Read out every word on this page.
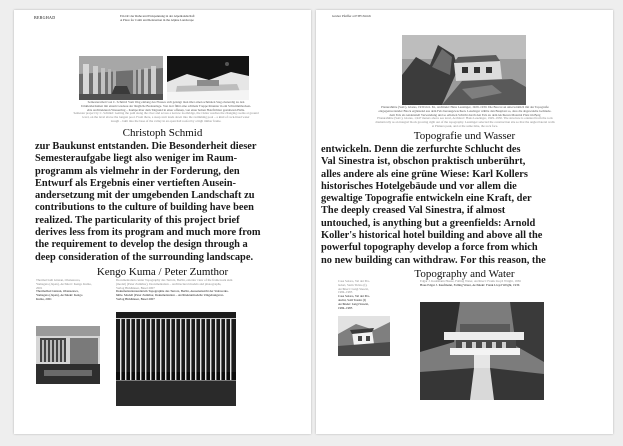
BERGHAD	Ein Ort der Ruhe und Entspannung in der Alpenlandschaft
A Place for Calm and Relaxation in the Alpine Landscape
Semesterarbeit von C. Schmid: Vom Weg entlang des Flusses sich gelangt man über einen schmalen Steg ebenerdig zu den
Umkleideräumen mit einem Gradeau der längliche Badeanlage. Von dort führt eine schmale Treppe hinunter in ein Schwimmbecken-
ebis Architekturen Wasserring – Kampe über dem Talgrund in einer offenen, von einer hohen Holzfichtier gestalteten Halle.
Semester project by C. Schmid: Getting the path along the river and across a narrow footbridge, the visitor reaches the changing rooms at ground
level, on the level above the longest pool. From there, a steep stair leads down into the swimming pool – a kind of rock-lined water
trough – built into the base of the valley in an open hall roofed by a high timber frame.
Christoph Schmid
zur Baukunst entstanden. Die Besonderheit dieser
Semesteraufgabe liegt also weniger im Raum-
programm als vielmehr in der Forderung, den
Entwurf als Ergebnis einer vertieften Ausein-
andersetzung mit der umgebenden Landschaft zu
contributions to the culture of building have been
realized. The particularity of this project brief
derives less from its program and much more from
the requirement to develop the design through a
deep consideration of the surrounding landscape.
Kengo Kuma / Peter Zumthor
Thermal bath Ginzan, Obanazawa,
Yamagata (Japan), Architect: Kengo Kuma,
2001
Thermalbad Ginzan, Obanazawa,
Yamagata (Japan), Architekt: Kengo
Kuma, 2001
Documentation center Topography des Terrors, Berlin, exterior view of the framework skin
(model) (Peter Zumthor), Documentation – Architectural models and photographs,
Verlag Birkhäuser, Basel 2007
Dokumentationszentrum Topographie des Terrors, Berlin, Aussenansicht der Stabwerks-
hülle. Modell (Peter Zumthor, Dokumentation – Architekturmodelle Umgebungsver-
Verlag Birkhäuser, Basel 2007
Gruber Pfeiffer at ETH Zürich
Planurahütte (SAC), Glarus, 1930 m ü. M., Architekt: Hans Leuzinger, 1929–1930. Die Bau ist an unterwirklich mit der Topografie
entgegenwertender Block ergänzend aus dem Fels herausgewachsen. Leuzinger wählte den Bauplatz so, dass die abgewandte Gebäude-
dem Fels als tendenziell Verwendung und so erhoben Schicht durch den Fels zu dem leichteren Material Platz im Berg
Planurahütte (SAC), Glarus, 1,947 meters above sea level, Architect: Hans Leuzinger, 1929–1930. The structure is oriented from the rock
dramatically as an integral block growing right out of the topography. Leuzinger selected the construction site so that the angled lateral walls
at Planura peak, and at the same time, the rock face.
Topografie und Wasser
entwickeln. Denn die zerfurchte Schlucht des
Val Sinestra ist, obschon praktisch unberührt,
alles andere als eine grüne Wiese: Karl Kollers
historisches Hotelgebäude und vor allem die
gewaltige Topografie entwickeln eine Kraft, der
The deeply creased Val Sinestra, if almost
untouched, is anything but a greenfields: Arnold
Koller's historical hotel building and above all the
powerful topography develop a force from which
no new building can withdraw. For this reason, the
Topography and Water
Casa Solaro, Val dei Pra-
ladori, Stein Ticino (I),
Architect: Luigi Snozzi,
1984–1985
Casa Solaro, Val dei Pra-
dorini, Sobl Tessin (I)
Architekt: Luigi Snozzi,
1984–1985
Edgar J. Kaufmann House, Falling Water, Architect: Frank Lloyd Wright, 1936
Haus Edgar J. Kaufmann, Falling Water, Architekt: Frank Lloyd Wright, 1936
